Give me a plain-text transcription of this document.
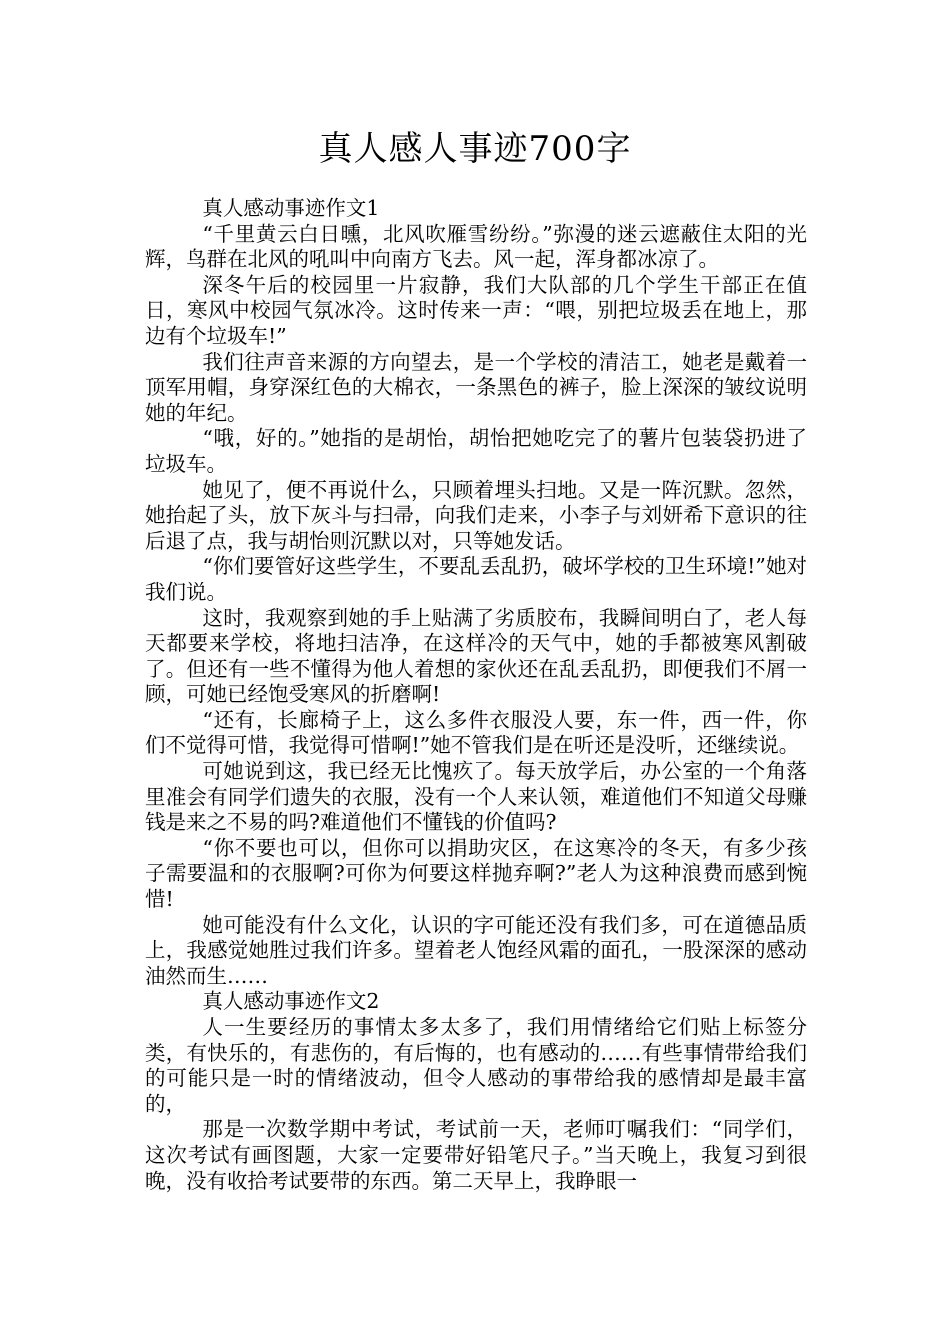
真人感人事迹700字

真人感动事迹作文1

“千里黄云白日曛，北风吹雁雪纷纷。”弥漫的迷云遮蔽住太阳的光辉，鸟群在北风的吼叫中向南方飞去。风一起，浑身都冰凉了。

深冬午后的校园里一片寂静，我们大队部的几个学生干部正在值日，寒风中校园气氛冰冷。这时传来一声：“喂，别把垃圾丢在地上，那边有个垃圾车!”

我们往声音来源的方向望去，是一个学校的清洁工，她老是戴着一顶军用帽，身穿深红色的大棉衣，一条黑色的裤子，脸上深深的皱纹说明她的年纪。

“哦，好的。”她指的是胡怡，胡怡把她吃完了的薯片包装袋扔进了垃圾车。

她见了，便不再说什么，只顾着埋头扫地。又是一阵沉默。忽然，她抬起了头，放下灰斗与扫帚，向我们走来，小李子与刘妍希下意识的往后退了点，我与胡怡则沉默以对，只等她发话。

“你们要管好这些学生，不要乱丢乱扔，破坏学校的卫生环境!”她对我们说。

这时，我观察到她的手上贴满了劣质胶布，我瞬间明白了，老人每天都要来学校，将地扫洁净，在这样冷的天气中，她的手都被寒风割破了。但还有一些不懂得为他人着想的家伙还在乱丢乱扔，即便我们不屑一顾，可她已经饱受寒风的折磨啊!

“还有，长廊椅子上，这么多件衣服没人要，东一件，西一件，你们不觉得可惜，我觉得可惜啊!”她不管我们是在听还是没听，还继续说。

可她说到这，我已经无比愧疚了。每天放学后，办公室的一个角落里准会有同学们遗失的衣服，没有一个人来认领，难道他们不知道父母赚钱是来之不易的吗?难道他们不懂钱的价值吗?

“你不要也可以，但你可以捐助灾区，在这寒冷的冬天，有多少孩子需要温和的衣服啊?可你为何要这样抛弃啊?”老人为这种浪费而感到惋惜!

她可能没有什么文化，认识的字可能还没有我们多，可在道德品质上，我感觉她胜过我们许多。望着老人饱经风霜的面孔，一股深深的感动油然而生……

真人感动事迹作文2

人一生要经历的事情太多太多了，我们用情绪给它们贴上标签分类，有快乐的，有悲伤的，有后悔的，也有感动的……有些事情带给我们的可能只是一时的情绪波动，但令人感动的事带给我的感情却是最丰富的，

那是一次数学期中考试，考试前一天，老师叮嘱我们：“同学们，这次考试有画图题，大家一定要带好铅笔尺子。”当天晚上，我复习到很晚，没有收拾考试要带的东西。第二天早上，我睁眼一
